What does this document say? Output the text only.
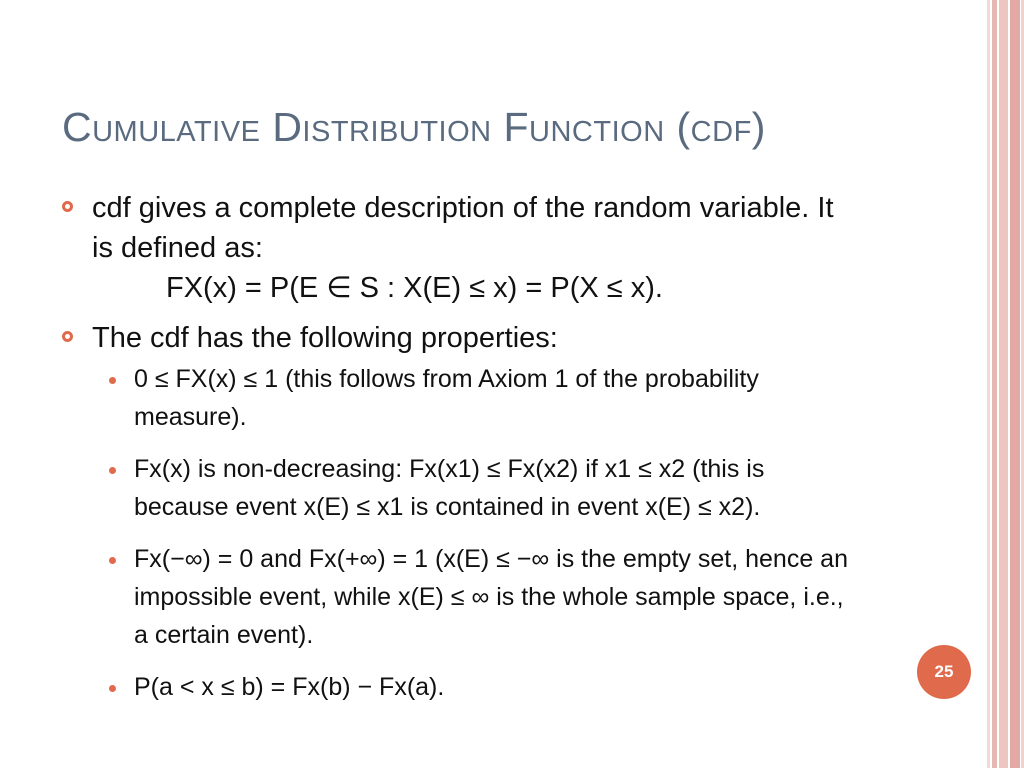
Cumulative Distribution Function (cdf)
cdf gives a complete description of the random variable. It is defined as:
FX(x) = P(E ∈ S : X(E) ≤ x) = P(X ≤ x).
The cdf has the following properties:
0 ≤ FX(x) ≤ 1 (this follows from Axiom 1 of the probability measure).
Fx(x) is non-decreasing: Fx(x1) ≤ Fx(x2) if x1 ≤ x2 (this is because event x(E) ≤ x1 is contained in event x(E) ≤ x2).
Fx(−∞) = 0 and Fx(+∞) = 1 (x(E) ≤ −∞ is the empty set, hence an impossible event, while x(E) ≤ ∞ is the whole sample space, i.e., a certain event).
P(a < x ≤ b) = Fx(b) − Fx(a).
25
